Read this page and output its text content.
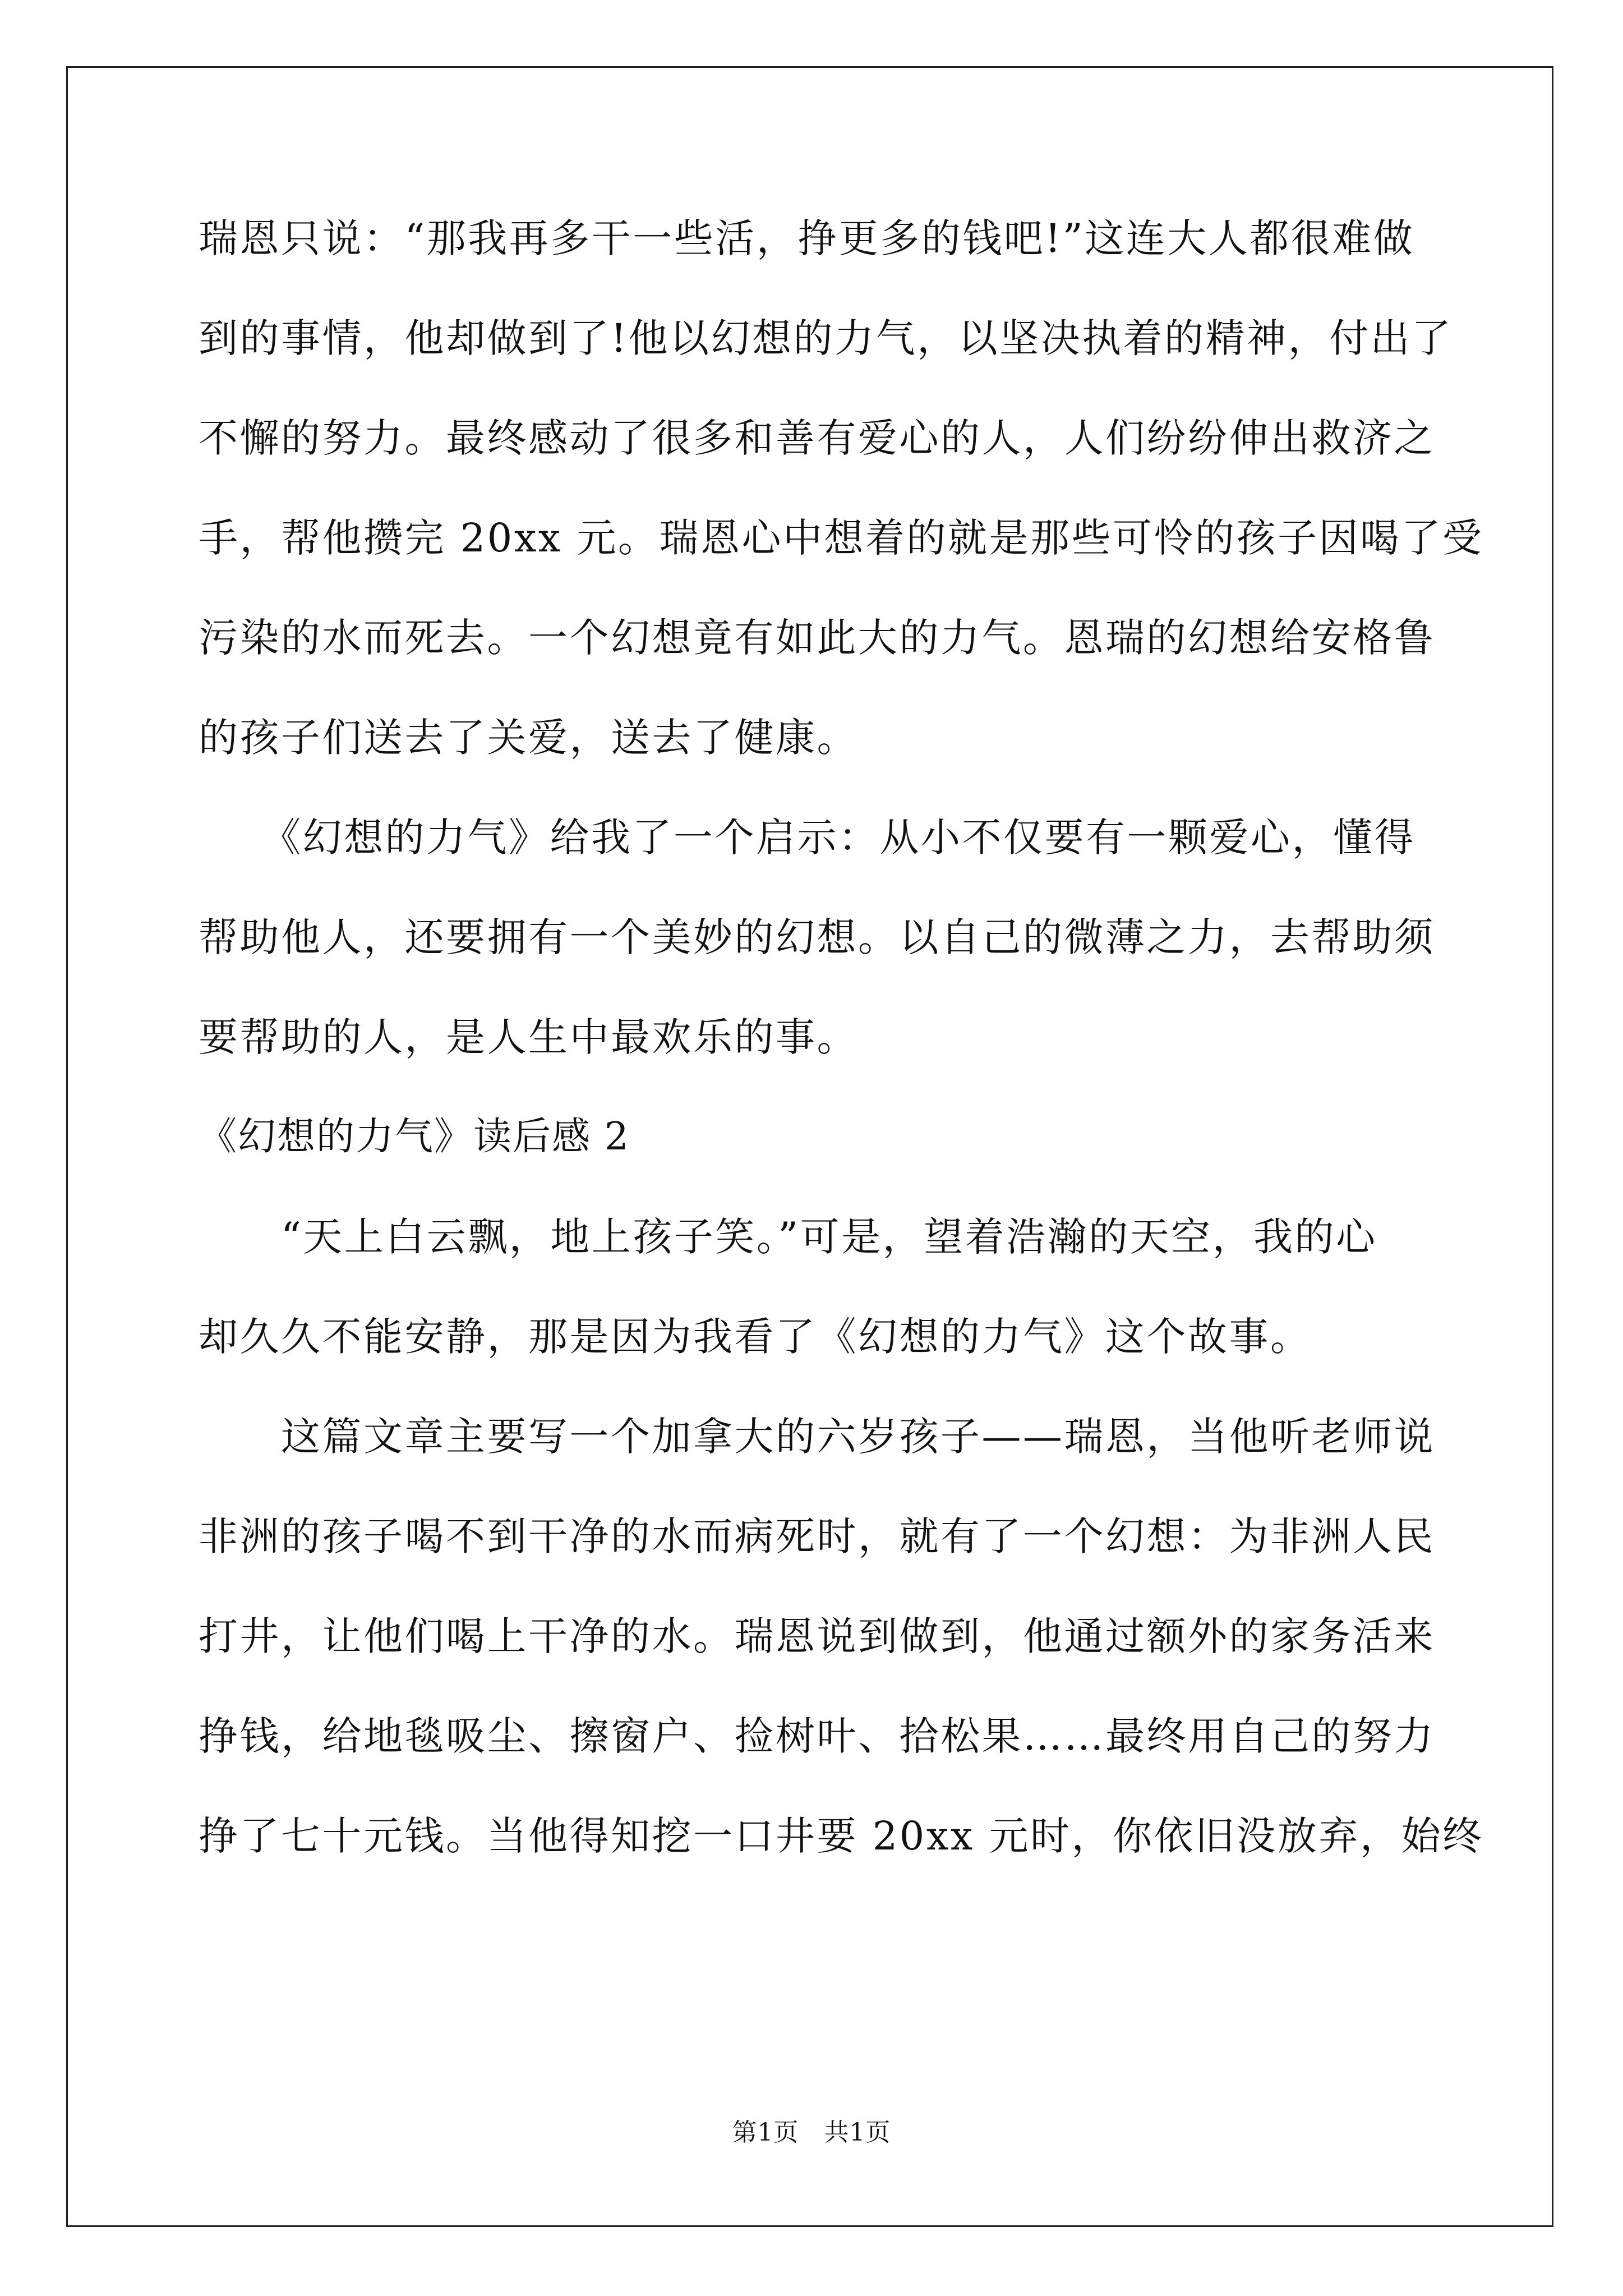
瑞恩只说：“那我再多干一些活，挣更多的钱吧!”这连大人都很难做
到的事情，他却做到了!他以幻想的力气，以坚决执着的精神，付出了
不懈的努力。最终感动了很多和善有爱心的人，人们纷纷伸出救济之
手，帮他攒完 20xx 元。瑞恩心中想着的就是那些可怜的孩子因喝了受
污染的水而死去。一个幻想竟有如此大的力气。恩瑞的幻想给安格鲁
的孩子们送去了关爱，送去了健康。
　　《幻想的力气》给我了一个启示：从小不仅要有一颗爱心，懂得
帮助他人，还要拥有一个美妙的幻想。以自己的微薄之力，去帮助须
要帮助的人，是人生中最欢乐的事。
《幻想的力气》读后感 2
　　“天上白云飘，地上孩子笑。”可是，望着浩瀚的天空，我的心
却久久不能安静，那是因为我看了《幻想的力气》这个故事。
　　这篇文章主要写一个加拿大的六岁孩子——瑞恩，当他听老师说
非洲的孩子喝不到干净的水而病死时，就有了一个幻想：为非洲人民
打井，让他们喝上干净的水。瑞恩说到做到，他通过额外的家务活来
挣钱，给地毯吸尘、擦窗户、捡树叶、拾松果……最终用自己的努力
挣了七十元钱。当他得知挖一口井要 20xx 元时，你依旧没放弃，始终
第1页　共1页
